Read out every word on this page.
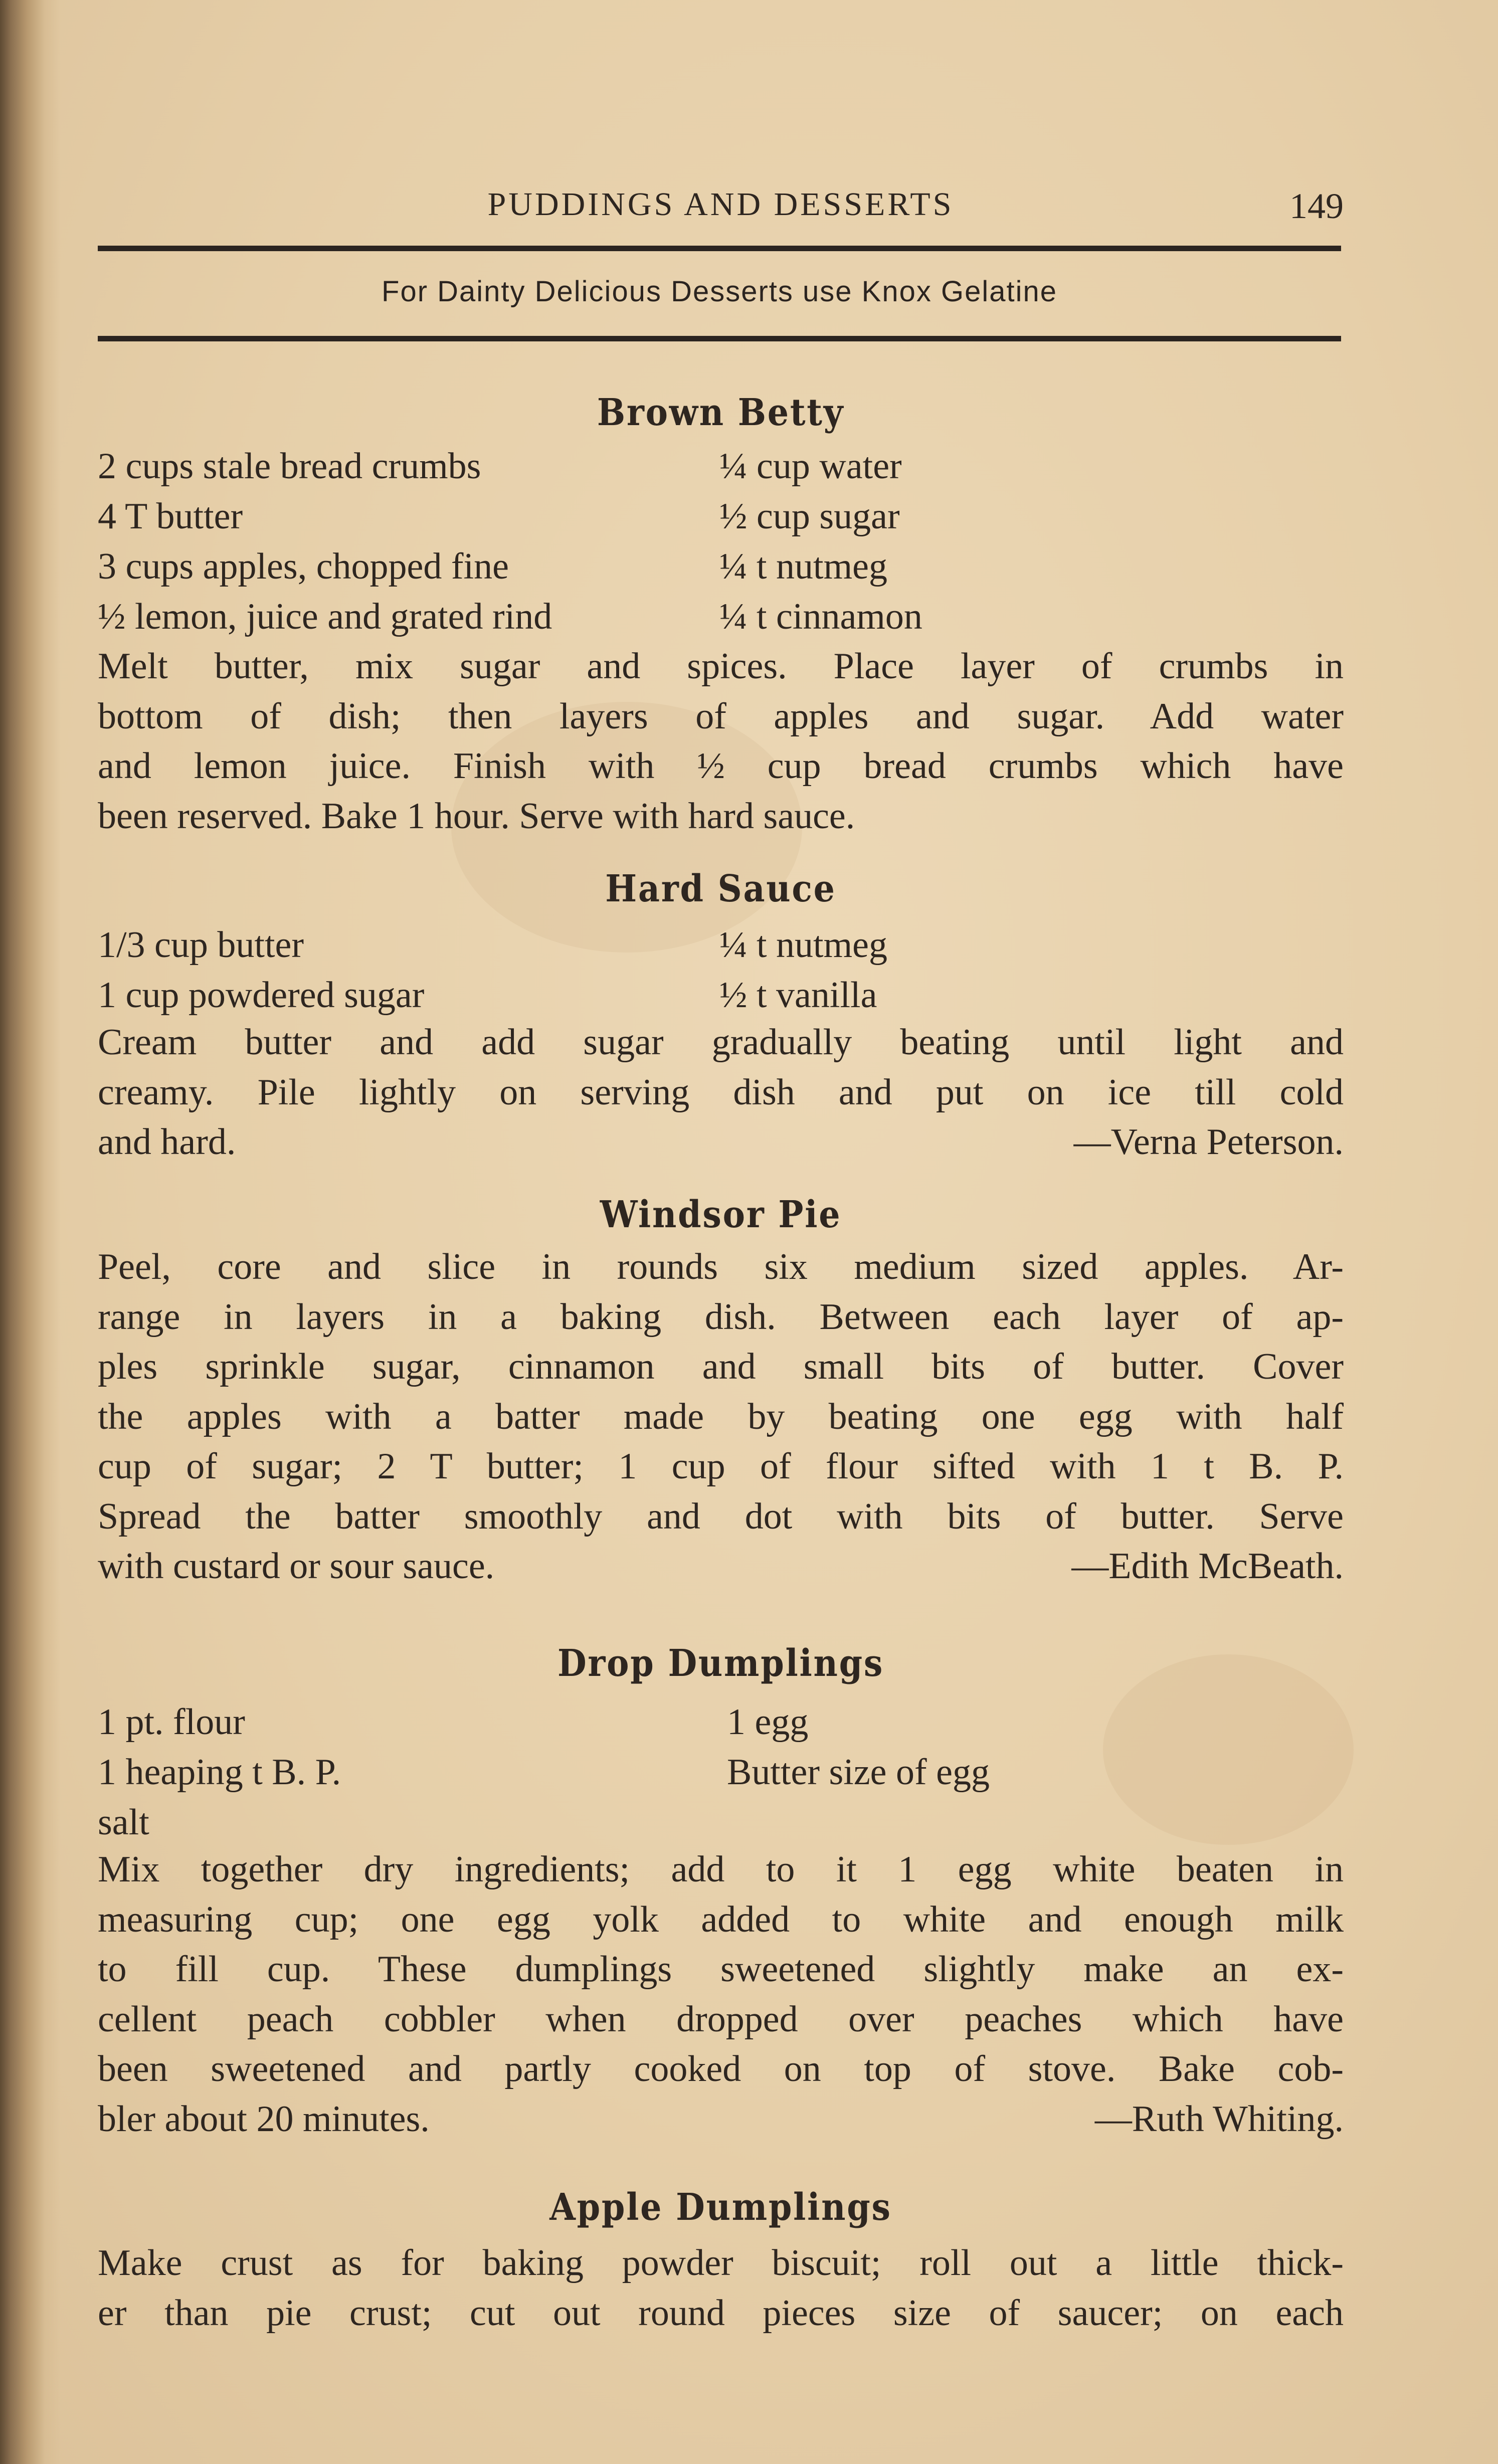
PUDDINGS AND DESSERTS	149
For Dainty Delicious Desserts use Knox Gelatine
Brown Betty
2 cups stale bread crumbs	¼ cup water
4 T butter	½ cup sugar
3 cups apples, chopped fine	¼ t nutmeg
½ lemon, juice and grated rind	¼ t cinnamon
Melt butter, mix sugar and spices. Place layer of crumbs in
bottom of dish; then layers of apples and sugar. Add water
and lemon juice. Finish with ½ cup bread crumbs which have
been reserved. Bake 1 hour. Serve with hard sauce.
Hard Sauce
1/3 cup butter	¼ t nutmeg
1 cup powdered sugar	½ t vanilla
Cream butter and add sugar gradually beating until light and
creamy. Pile lightly on serving dish and put on ice till cold
and hard.	—Verna Peterson.
Windsor Pie
Peel, core and slice in rounds six medium sized apples. Ar-
range in layers in a baking dish. Between each layer of ap-
ples sprinkle sugar, cinnamon and small bits of butter. Cover
the apples with a batter made by beating one egg with half
cup of sugar; 2 T butter; 1 cup of flour sifted with 1 t B. P.
Spread the batter smoothly and dot with bits of butter. Serve
with custard or sour sauce.	—Edith McBeath.
Drop Dumplings
1 pt. flour	1 egg
1 heaping t B. P.	Butter size of egg
salt
Mix together dry ingredients; add to it 1 egg white beaten in
measuring cup; one egg yolk added to white and enough milk
to fill cup. These dumplings sweetened slightly make an ex-
cellent peach cobbler when dropped over peaches which have
been sweetened and partly cooked on top of stove. Bake cob-
bler about 20 minutes.	—Ruth Whiting.
Apple Dumplings
Make crust as for baking powder biscuit; roll out a little thick-
er than pie crust; cut out round pieces size of saucer; on each
